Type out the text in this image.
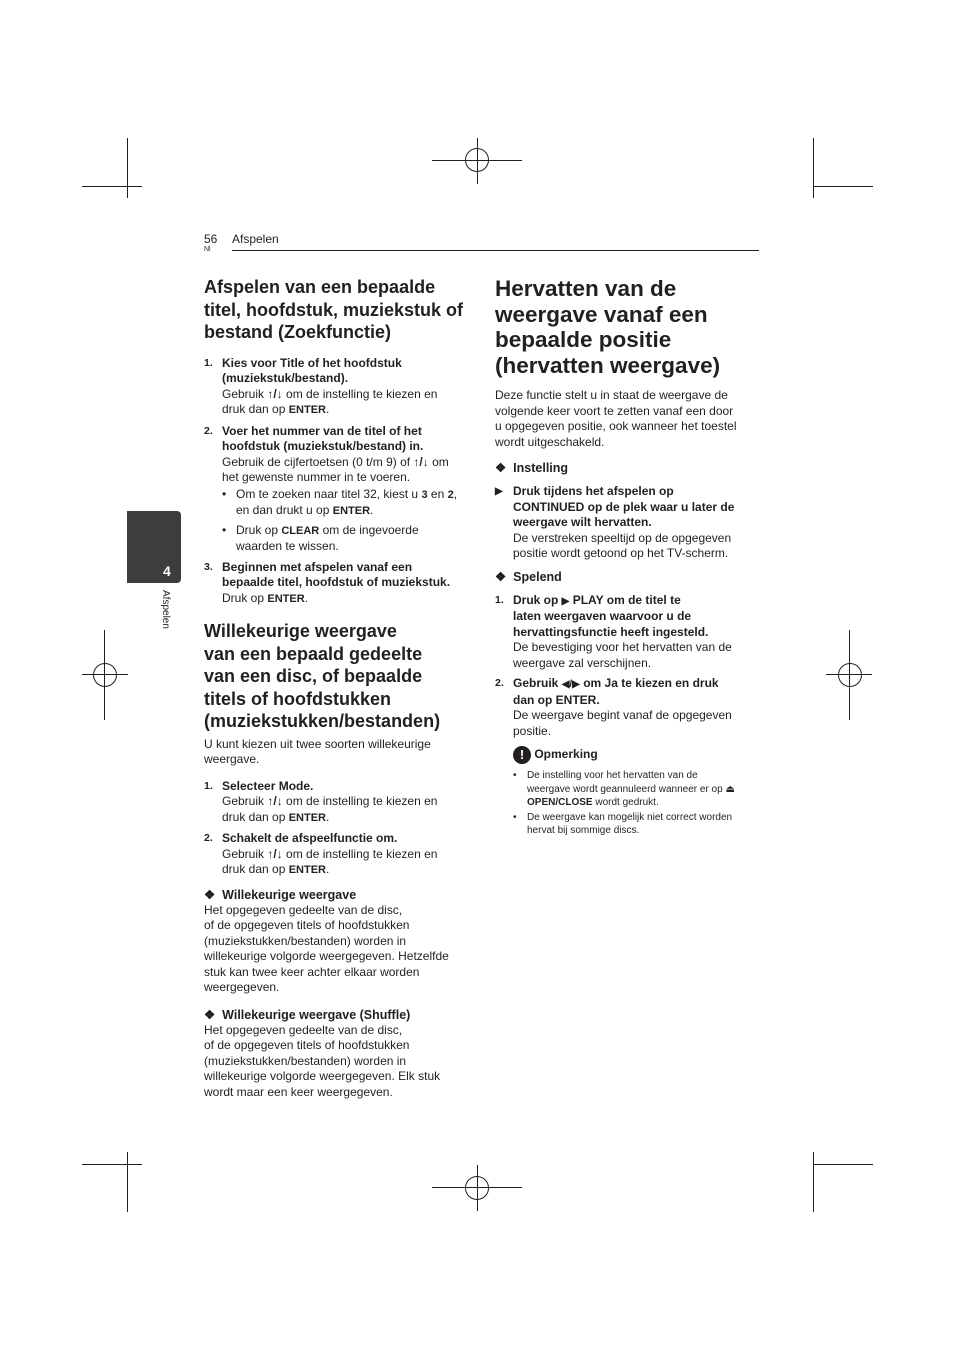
56
Nl
Afspelen
4
Afspelen
Afspelen van een bepaalde
titel, hoofdstuk, muziekstuk of
bestand (Zoekfunctie)
1. Kies voor Title of het hoofdstuk
(muziekstuk/bestand).
Gebruik ↑/↓ om de instelling te kiezen en
druk dan op ENTER.
2. Voer het nummer van de titel of het
hoofdstuk (muziekstuk/bestand) in.
Gebruik de cijfertoetsen (0 t/m 9) of ↑/↓ om
het gewenste nummer in te voeren.
• Om te zoeken naar titel 32, kiest u 3 en 2,
en dan drukt u op ENTER.
• Druk op CLEAR om de ingevoerde
waarden te wissen.
3. Beginnen met afspelen vanaf een
bepaalde titel, hoofdstuk of muziekstuk.
Druk op ENTER.
Willekeurige weergave
van een bepaald gedeelte
van een disc, of bepaalde
titels of hoofdstukken
(muziekstukken/bestanden)
U kunt kiezen uit twee soorten willekeurige
weergave.
1. Selecteer Mode.
Gebruik ↑/↓ om de instelling te kiezen en
druk dan op ENTER.
2. Schakelt de afspeelfunctie om.
Gebruik ↑/↓ om de instelling te kiezen en
druk dan op ENTER.
❖ Willekeurige weergave
Het opgegeven gedeelte van de disc,
of de opgegeven titels of hoofdstukken
(muziekstukken/bestanden) worden in
willekeurige volgorde weergegeven. Hetzelfde
stuk kan twee keer achter elkaar worden
weergegeven.
❖ Willekeurige weergave (Shuffle)
Het opgegeven gedeelte van de disc,
of de opgegeven titels of hoofdstukken
(muziekstukken/bestanden) worden in
willekeurige volgorde weergegeven. Elk stuk
wordt maar een keer weergegeven.
Hervatten van de
weergave vanaf een
bepaalde positie
(hervatten weergave)
Deze functie stelt u in staat de weergave de
volgende keer voort te zetten vanaf een door
u opgegeven positie, ook wanneer het toestel
wordt uitgeschakeld.
❖ Instelling
▶ Druk tijdens het afspelen op
CONTINUED op de plek waar u later de
weergave wilt hervatten.
De verstreken speeltijd op de opgegeven
positie wordt getoond op het TV-scherm.
❖ Spelend
1. Druk op ▶ PLAY om de titel te
laten weergaven waarvoor u de
hervattingsfunctie heeft ingesteld.
De bevestiging voor het hervatten van de
weergave zal verschijnen.
2. Gebruik ◀/▶ om Ja te kiezen en druk
dan op ENTER.
De weergave begint vanaf de opgegeven
positie.
! Opmerking
• De instelling voor het hervatten van de
weergave wordt geannuleerd wanneer er op ⏏
OPEN/CLOSE wordt gedrukt.
• De weergave kan mogelijk niet correct worden
hervat bij sommige discs.
